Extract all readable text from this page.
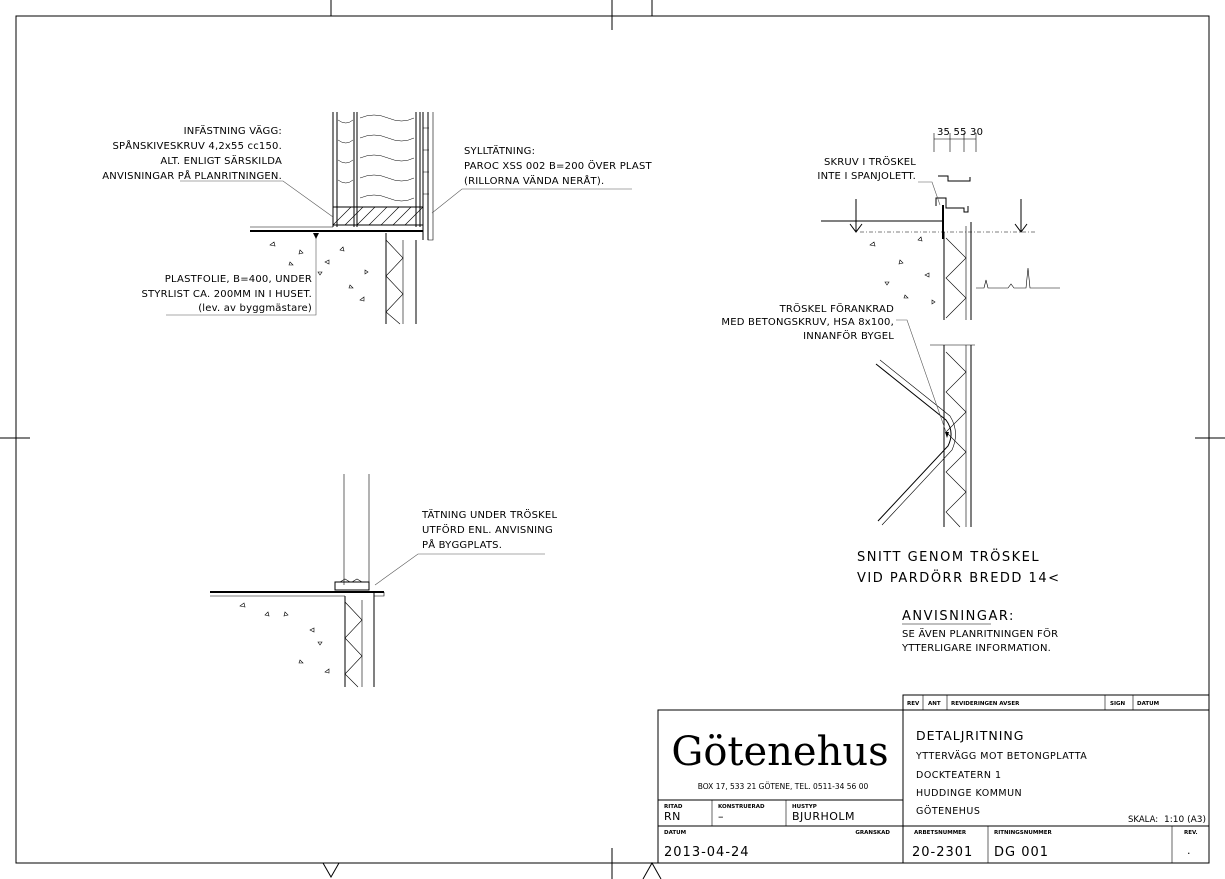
INFÄSTNING VÄGG:
SPÅNSKIVESKRUV 4,2x55 cc150.
ALT. ENLIGT SÄRSKILDA
ANVISNINGAR PÅ PLANRITNINGEN.
SYLLTÄTNING:
PAROC XSS 002 B=200 ÖVER PLAST
(RILLORNA VÄNDA NERÅT).
PLASTFOLIE, B=400, UNDER
STYRLIST CA. 200MM IN I HUSET.
(lev. av byggmästare)
TÄTNING UNDER TRÖSKEL
UTFÖRD ENL. ANVISNING
PÅ BYGGPLATS.
35 55 30
SKRUV I TRÖSKEL
INTE I SPANJOLETT.
TRÖSKEL FÖRANKRAD
MED BETONGSKRUV, HSA 8x100,
INNANFÖR BYGEL
SNITT GENOM TRÖSKEL
VID PARDÖRR BREDD 14<
ANVISNINGAR:
SE ÄVEN PLANRITNINGEN FÖR
YTTERLIGARE INFORMATION.
REV ANT REVIDERINGEN AVSER	SIGN DATUM
Götenehus
BOX 17, 533 21 GÖTENE, TEL. 0511-34 56 00
RITAD
RN
KONSTRUERAD
–
HUSTYP
BJURHOLM
DATUM
2013-04-24
GRANSKAD
DETALJRITNING
YTTERVÄGG MOT BETONGPLATTA
DOCKTEATERN 1
HUDDINGE KOMMUN
GÖTENEHUS
SKALA: 1:10 (A3)
ARBETSNUMMER
20-2301
RITNINGSNUMMER
DG 001
REV.
.
